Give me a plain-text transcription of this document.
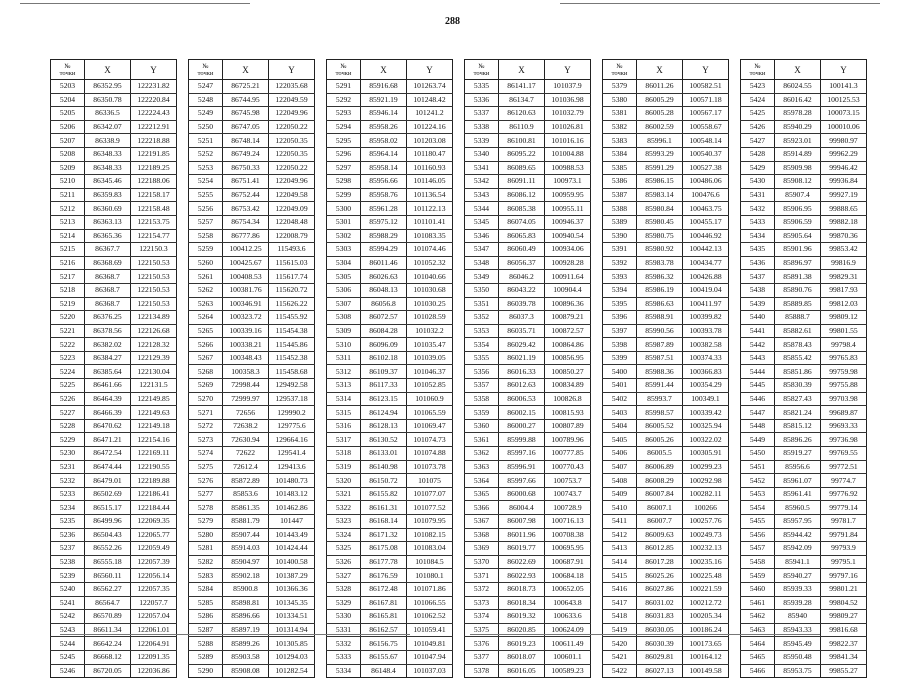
288
№
точки	X	Y
5203	86352.95	122231.82
5204	86350.78	122220.84
5205	86336.5	122224.43
5206	86342.07	122212.91
5207	86338.9	122218.88
5208	86348.33	122191.85
5209	86348.33	122189.25
5210	86345.46	122188.06
5211	86359.83	122158.17
5212	86360.69	122158.48
5213	86363.13	122153.75
5214	86365.36	122154.77
5215	86367.7	122150.3
5216	86368.69	122150.53
5217	86368.7	122150.53
5218	86368.7	122150.53
5219	86368.7	122150.53
5220	86376.25	122134.89
5221	86378.56	122126.68
5222	86382.02	122128.32
5223	86384.27	122129.39
5224	86385.64	122130.04
5225	86461.66	122131.5
5226	86464.39	122149.85
5227	86466.39	122149.63
5228	86470.62	122149.18
5229	86471.21	122154.16
5230	86472.54	122169.11
5231	86474.44	122190.55
5232	86479.01	122189.88
5233	86502.69	122186.41
5234	86515.17	122184.44
5235	86499.96	122069.35
5236	86504.43	122065.77
5237	86552.26	122059.49
5238	86555.18	122057.39
5239	86560.11	122056.14
5240	86562.27	122057.35
5241	86564.7	122057.7
5242	86570.89	122057.04
5243	86611.34	122061.01
5244	86642.24	122064.91
5245	86668.12	122091.35
5246	86720.05	122036.86
№
точки	X	Y
5247	86725.21	122035.68
5248	86744.95	122049.59
5249	86745.98	122049.96
5250	86747.05	122050.22
5251	86748.14	122050.35
5252	86749.24	122050.35
5253	86750.33	122050.22
5254	86751.41	122049.96
5255	86752.44	122049.58
5256	86753.42	122049.09
5257	86754.34	122048.48
5258	86777.86	122008.79
5259	100412.25	115493.6
5260	100425.67	115615.03
5261	100408.53	115617.74
5262	100381.76	115620.72
5263	100346.91	115626.22
5264	100323.72	115455.92
5265	100339.16	115454.38
5266	100338.21	115445.86
5267	100348.43	115452.38
5268	100358.3	115458.68
5269	72998.44	129492.58
5270	72999.97	129537.18
5271	72656	129990.2
5272	72638.2	129775.6
5273	72630.94	129664.16
5274	72622	129541.4
5275	72612.4	129413.6
5276	85872.89	101480.73
5277	85853.6	101483.12
5278	85861.35	101462.86
5279	85881.79	101447
5280	85907.44	101443.49
5281	85914.03	101424.44
5282	85904.97	101400.58
5283	85902.18	101387.29
5284	85900.8	101366.36
5285	85898.81	101345.35
5286	85896.66	101334.51
5287	85897.19	101314.94
5288	85899.26	101305.85
5289	85903.58	101294.03
5290	85908.08	101282.54
№
точки	X	Y
5291	85916.68	101263.74
5292	85921.19	101248.42
5293	85946.14	101241.2
5294	85958.26	101224.16
5295	85958.02	101203.08
5296	85964.14	101180.47
5297	85958.14	101160.93
5298	85956.66	101146.05
5299	85958.76	101136.54
5300	85961.28	101122.13
5301	85975.12	101101.41
5302	85988.29	101083.35
5303	85994.29	101074.46
5304	86011.46	101052.32
5305	86026.63	101040.66
5306	86048.13	101030.68
5307	86056.8	101030.25
5308	86072.57	101028.59
5309	86084.28	101032.2
5310	86096.09	101035.47
5311	86102.18	101039.05
5312	86109.37	101046.37
5313	86117.33	101052.85
5314	86123.15	101060.9
5315	86124.94	101065.59
5316	86128.13	101069.47
5317	86130.52	101074.73
5318	86133.01	101074.88
5319	86140.98	101073.78
5320	86150.72	101075
5321	86155.82	101077.07
5322	86161.31	101077.52
5323	86168.14	101079.95
5324	86171.32	101082.15
5325	86175.08	101083.04
5326	86177.78	101084.5
5327	86176.59	101080.1
5328	86172.48	101071.86
5329	86167.81	101066.55
5330	86165.81	101062.52
5331	86162.57	101059.41
5332	86156.75	101049.81
5333	86155.67	101047.94
5334	86148.4	101037.03
№
точки	X	Y
5335	86141.17	101037.9
5336	86134.7	101036.98
5337	86120.63	101032.79
5338	86110.9	101026.81
5339	86100.81	101016.16
5340	86095.22	101004.88
5341	86089.65	100988.53
5342	86091.11	100973.1
5343	86086.12	100959.95
5344	86085.38	100955.11
5345	86074.05	100946.37
5346	86065.83	100940.54
5347	86060.49	100934.06
5348	86056.37	100928.28
5349	86046.2	100911.64
5350	86043.22	100904.4
5351	86039.78	100896.36
5352	86037.3	100879.21
5353	86035.71	100872.57
5354	86029.42	100864.86
5355	86021.19	100856.95
5356	86016.33	100850.27
5357	86012.63	100834.89
5358	86006.53	100826.8
5359	86002.15	100815.93
5360	86000.27	100807.89
5361	85999.88	100789.96
5362	85997.16	100777.85
5363	85996.91	100770.43
5364	85997.66	100753.7
5365	86000.68	100743.7
5366	86004.4	100728.9
5367	86007.98	100716.13
5368	86011.96	100708.38
5369	86019.77	100695.95
5370	86022.69	100687.91
5371	86022.93	100684.18
5372	86018.73	100652.05
5373	86018.34	100643.8
5374	86019.32	100633.6
5375	86020.85	100624.09
5376	86019.23	100611.49
5377	86018.07	100601.1
5378	86016.05	100589.23
№
точки	X	Y
5379	86011.26	100582.51
5380	86005.29	100571.18
5381	86005.28	100567.17
5382	86002.59	100558.67
5383	85996.1	100548.14
5384	85993.29	100540.37
5385	85991.29	100527.38
5386	85986.15	100486.06
5387	85983.14	100476.6
5388	85980.84	100463.75
5389	85980.45	100455.17
5390	85980.75	100446.92
5391	85980.92	100442.13
5392	85983.78	100434.77
5393	85986.32	100426.88
5394	85986.19	100419.04
5395	85986.63	100411.97
5396	85988.91	100399.82
5397	85990.56	100393.78
5398	85987.89	100382.58
5399	85987.51	100374.33
5400	85988.36	100366.83
5401	85991.44	100354.29
5402	85993.7	100349.1
5403	85998.57	100339.42
5404	86005.52	100325.94
5405	86005.26	100322.02
5406	86005.5	100305.91
5407	86006.89	100299.23
5408	86008.29	100292.98
5409	86007.84	100282.11
5410	86007.1	100266
5411	86007.7	100257.76
5412	86009.63	100249.73
5413	86012.85	100232.13
5414	86017.28	100235.16
5415	86025.26	100225.48
5416	86027.86	100221.59
5417	86031.02	100212.72
5418	86031.83	100205.34
5419	86030.05	100186.24
5420	86030.39	100173.65
5421	86029.81	100164.12
5422	86027.13	100149.58
№
точки	X	Y
5423	86024.55	100141.3
5424	86016.42	100125.53
5425	85978.28	100073.15
5426	85940.29	100010.06
5427	85923.01	99980.97
5428	85914.89	99962.29
5429	85909.98	99946.42
5430	85908.12	99936.84
5431	85907.4	99927.19
5432	85906.95	99888.65
5433	85906.59	99882.18
5434	85905.64	99870.36
5435	85901.96	99853.42
5436	85896.97	99816.9
5437	85891.38	99829.31
5438	85890.76	99817.93
5439	85889.85	99812.03
5440	85888.7	99809.12
5441	85882.61	99801.55
5442	85878.43	99798.4
5443	85855.42	99765.83
5444	85851.86	99759.98
5445	85830.39	99755.88
5446	85827.43	99703.98
5447	85821.24	99689.87
5448	85815.12	99693.33
5449	85896.26	99736.98
5450	85919.27	99769.55
5451	85956.6	99772.51
5452	85961.07	99774.7
5453	85961.41	99776.92
5454	85960.5	99779.14
5455	85957.95	99781.7
5456	85944.42	99791.84
5457	85942.09	99793.9
5458	85941.1	99795.1
5459	85940.27	99797.16
5460	85939.33	99801.21
5461	85939.28	99804.52
5462	85940	99809.27
5463	85943.33	99816.68
5464	85945.49	99822.37
5465	85950.48	99841.34
5466	85953.75	99855.27
